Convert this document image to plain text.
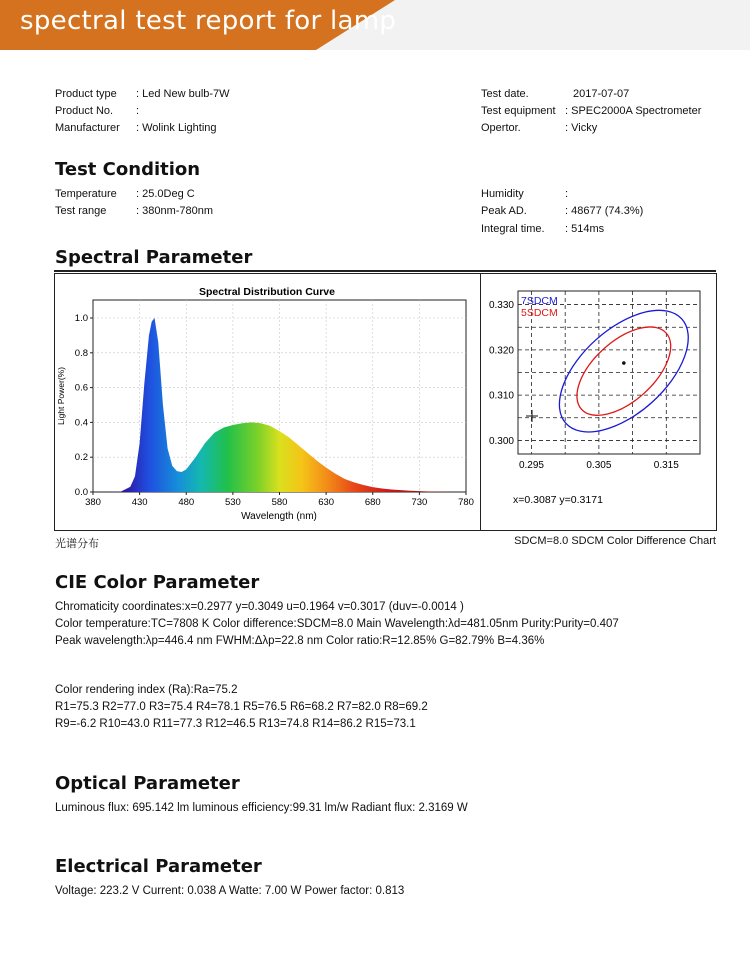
spectral test report for lamp
Product type : Led New bulb-7W
Product No. :
Manufacturer : Wolink Lighting
Test date.	2017-07-07
Test equipment : SPEC2000A Spectrometer
Opertor.	: Vicky
Test Condition
Temperature : 25.0Deg C
Test range	: 380nm-780nm
Humidity	:
Peak AD.	: 48677 (74.3%)
Integral time. : 514ms
Spectral Parameter
380	430	480	530	580	630	680	730	780
0.0
0.2
0.4
0.6
0.8
1.0
Spectral Distribution Curve
Wavelength (nm)
Light Power(%)
0.295	0.305	0.315
0.300
0.310
0.320
0.330 7SDCM
5SDCM
x=0.3087 y=0.3171
光谱分布	SDCM=8.0 SDCM Color Difference Chart
CIE Color Parameter
Chromaticity coordinates:x=0.2977 y=0.3049 u=0.1964 v=0.3017 (duv=-0.0014 )
Color temperature:TC=7808 K Color difference:SDCM=8.0 Main Wavelength:λd=481.05nm Purity:Purity=0.407
Peak wavelength:λp=446.4 nm FWHM:Δλp=22.8 nm Color ratio:R=12.85% G=82.79% B=4.36%
Color rendering index (Ra):Ra=75.2
R1=75.3 R2=77.0 R3=75.4 R4=78.1 R5=76.5 R6=68.2 R7=82.0 R8=69.2
R9=-6.2 R10=43.0 R11=77.3 R12=46.5 R13=74.8 R14=86.2 R15=73.1
Optical Parameter
Luminous flux: 695.142 lm luminous efficiency:99.31 lm/w Radiant flux: 2.3169 W
Electrical Parameter
Voltage: 223.2 V Current: 0.038 A Watte: 7.00 W Power factor: 0.813
